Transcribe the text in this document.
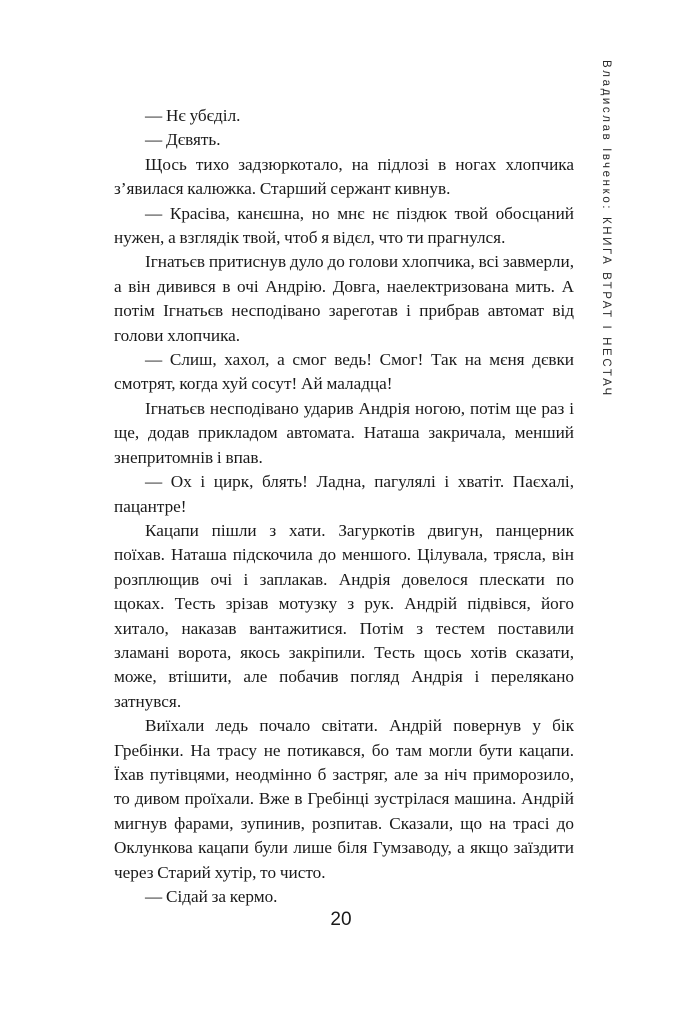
Владислав Івченко: КНИГА ВТРАТ І НЕСТАЧ

— Нє убєділ.

— Дєвять.

Щось тихо задзюркотало, на підлозі в ногах хлопчика з’явилася калюжка. Старший сержант кивнув.

— Красіва, канєшна, но мнє нє піздюк твой обосцаний нужен, а взглядік твой, чтоб я відєл, что ти прагнулся.

Ігнатьєв притиснув дуло до голови хлопчика, всі завмерли, а він дивився в очі Андрію. Довга, наелектризована мить. А потім Ігнатьєв несподівано зареготав і прибрав автомат від голови хлопчика.

— Слиш, хахол, а смог ведь! Смог! Так на мєня дєвки смотрят, когда хуй сосут! Ай маладца!

Ігнатьєв несподівано ударив Андрія ногою, потім ще раз і ще, додав прикладом автомата. Наташа закричала, менший знепритомнів і впав.

— Ох і цирк, блять! Ладна, пагулялі і хватіт. Паєхалі, пацантре!

Кацапи пішли з хати. Загуркотів двигун, панцерник поїхав. Наташа підскочила до меншого. Цілувала, трясла, він розплющив очі і заплакав. Андрія довелося плескати по щоках. Тесть зрізав мотузку з рук. Андрій підвівся, його хитало, наказав вантажитися. Потім з тестем поставили зламані ворота, якось закріпили. Тесть щось хотів сказати, може, втішити, але побачив погляд Андрія і перелякано затнувся.

Виїхали ледь почало світати. Андрій повернув у бік Гребінки. На трасу не потикався, бо там могли бути кацапи. Їхав путівцями, неодмінно б застряг, але за ніч приморозило, то дивом проїхали. Вже в Гребінці зустрілася машина. Андрій мигнув фарами, зупинив, розпитав. Сказали, що на трасі до Оклункова кацапи були лише біля Гумзаводу, а якщо заїздити через Старий хутір, то чисто.

— Сідай за кермо.

20
